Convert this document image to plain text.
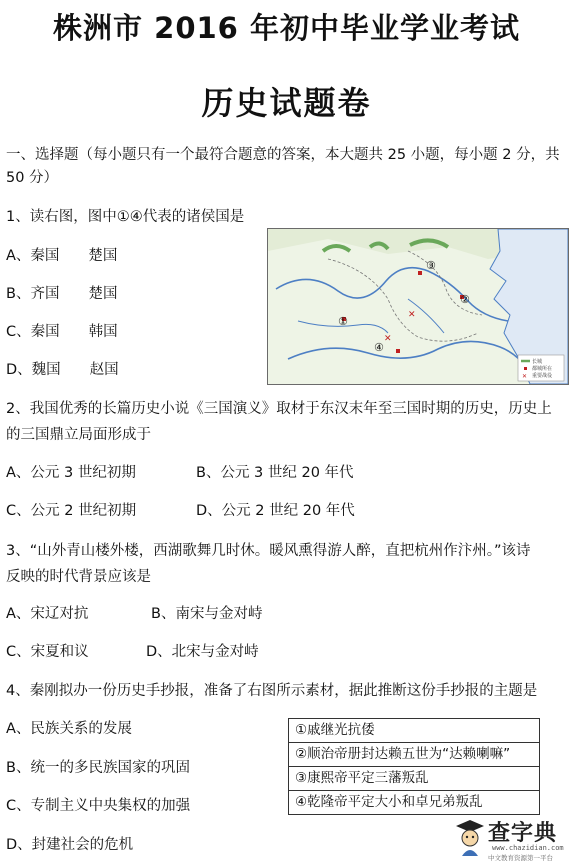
株洲市 2016 年初中毕业学业考试
历史试题卷
一、选择题（每小题只有一个最符合题意的答案，本大题共 25 小题，每小题 2 分，共
50 分）
1、读右图，图中①④代表的诸侯国是
A、秦国　　楚国
B、齐国　　楚国
C、秦国　　韩国
D、魏国　　赵国
✕
✕
③
②
①
④
长城
都城所在
✕ 重要战役
2、我国优秀的长篇历史小说《三国演义》取材于东汉末年至三国时期的历史，历史上
的三国鼎立局面形成于
A、公元 3 世纪初期	B、公元 3 世纪 20 年代
C、公元 2 世纪初期	D、公元 2 世纪 20 年代
3、“山外青山楼外楼，西湖歌舞几时休。暖风熏得游人醉，直把杭州作汴州。”该诗
反映的时代背景应该是
A、宋辽对抗	B、南宋与金对峙
C、宋夏和议	D、北宋与金对峙
4、秦刚拟办一份历史手抄报，准备了右图所示素材，据此推断这份手抄报的主题是
A、民族关系的发展
B、统一的多民族国家的巩固
C、专制主义中央集权的加强
D、封建社会的危机
①戚继光抗倭
②顺治帝册封达赖五世为“达赖喇嘛”
③康熙帝平定三藩叛乱
④乾隆帝平定大小和卓兄弟叛乱
查字典
www.chazidian.com
中文教育资源第一平台
